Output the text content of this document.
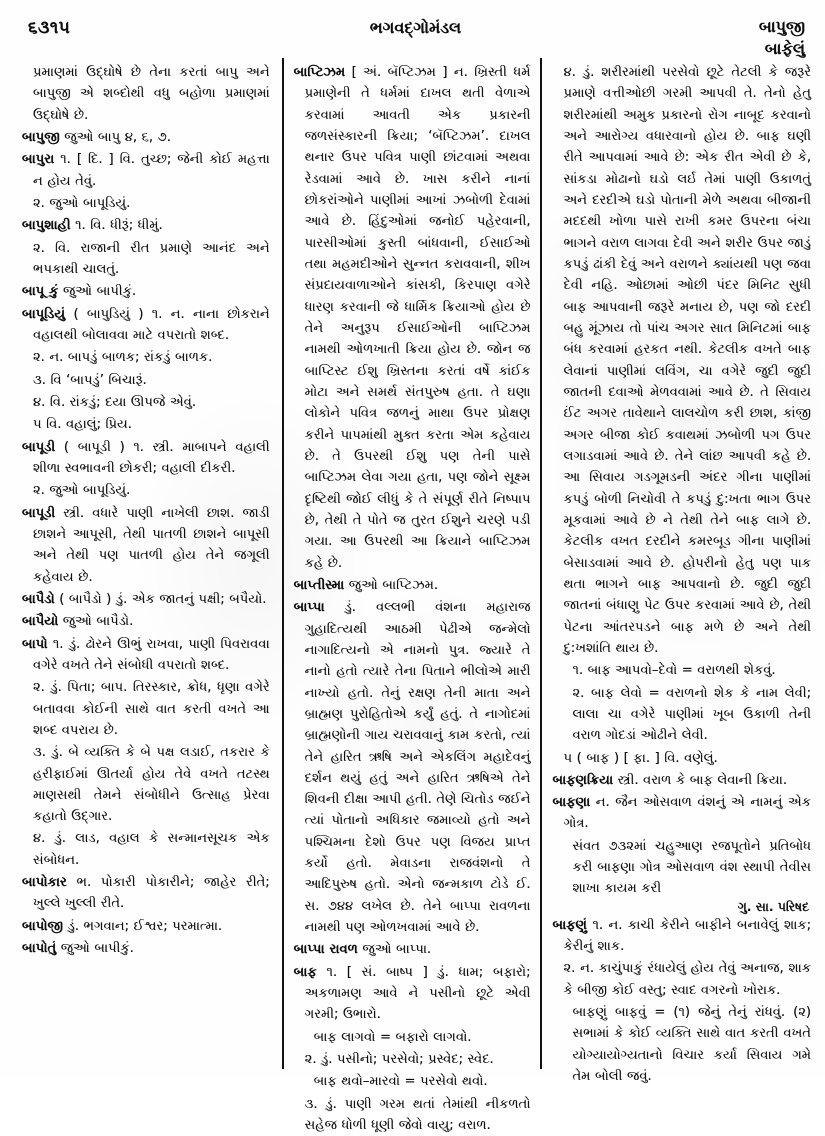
૬૩૧૫	ભગવદ્ગોમંડલ	બાપુજી
બાફેલું

પ્રમાણમાં ઉદ્‌ઘોષે છે તેના કરતાં બાપુ અને બાપુજી એ શબ્દોથી વધુ બહોળા પ્રમાણમાં ઉદ્‌ઘોષે છે.

બાપુજી જુઓ બાપુ ૪, ૬, ૭.

બાપુરા ૧. [ દિ. ] વિ. તુચ્છ; જેની કોઈ મહત્તા ન હોય તેવું.

૨. જુઓ બાપૂડિયું.

બાપુશાહી ૧. વિ. ધીરૂં; ધીમું.

૨. વિ. રાજાની રીત પ્રમાણે આનંદ અને ભપકાથી ચાલતું.

બાપૂ કું જુઓ બાપીકું.

બાપૂડિયું ( બાપુડિયું ) ૧. ન. નાના છોકરાને વહાલથી બોલાવવા માટે વપરાતો શબ્દ.

૨. ન. બાપડું બાળક; રાંકડું બાળક.

૩. વિ ‘બાપડું’ બિચારૂં.

૪. વિ. રાંકડું; દયા ઊપજે એવું.

૫ વિ. વહાલું; પ્રિય.

બાપૂડી ( બાપૂડી ) ૧. સ્ત્રી. માબાપને વહાલી શીળા સ્વભાવની છોકરી; વહાલી દીકરી.

૨. જુઓ બાપૂડિયું.

બાપૂડી સ્ત્રી. વધારે પાણી નાખેલી છાશ. જાડી છાશને આપૂસી, તેથી પાતળી છાશને બાપૂસી અને તેથી પણ પાતળી હોય તેને જગૂલી કહેવાય છે.

બાપૈડો ( બાપૈડો ) ડું. એક જાતનું પક્ષી; બપૈયો.

બાપૈયો જુઓ બાપૈડો.

બાપો ૧. ડું. ઢોરને ઊભું રાખવા, પાણી પિવરાવવા વગેરે વખતે તેને સંબોધી વપરાતો શબ્દ.

૨. ડું. પિતા; બાપ. તિરસ્કાર, ક્રોધ, ધૃણા વગેરે બતાવવા કોઈની સાથે વાત કરતી વખતે આ શબ્દ વપરાય છે.

૩. ડું. બે વ્યક્તિ કે બે પક્ષ લડાઈ, તકરાર કે હરીફાઈમાં ઊતર્યા હોય તેવે વખતે તટસ્થ માણસથી તેમને સંબોધીને ઉત્સાહ પ્રેરવા કહાતો ઉદ્‌ગાર.

૪. ડું. લાડ, વહાલ કે સન્માનસૂચક એક સંબોધન.

બાપોકાર ભ. પોકારી પોકારીને; જાહેર રીતે; ખુલ્લે ખુલ્લી રીતે.

બાપોજી ડું. ભગવાન; ઈશ્વર; પરમાત્મા.

બાપોતું જુઓ બાપીકું.

બાપ્ટિઝમ [ અં. બૅપ્ટિઝમ ] ન. ખ્રિસ્તી ધર્મ પ્રમાણેની તે ધર્મમાં દાખલ થતી વેળાએ કરવામાં આવતી એક પ્રકારની જળસંસ્કારની ક્રિયા; ‘બૅપ્ટિઝમ’. દાખલ થનાર ઉપર પવિત્ર પાણી છાંટવામાં અથવા રેડવામાં આવે છે. ખાસ કરીને નાનાં છોકરાંઓને પાણીમાં આખાં ઝબોળી દેવામાં આવે છે. હિંદુઓમાં જનોઈ પહેરવાની, પારસીઓમાં કુસ્તી બાંધવાની, ઈસાઈઓ તથા મહમદીઓને સુન્નત કરાવવાની, શીખ સંપ્રદાયવાળાઓને કાંસકી, કિરપાણ વગેરે ધારણ કરવાની જે ધાર્મિક ક્રિયાઓ હોય છે તેને અનુરૂપ ઈસાઈઓની બાપ્ટિઝમ નામથી ઓળખાતી ક્રિયા હોય છે. જોન જ બાપ્ટિસ્ટ ઈશુ ખ્રિસ્તના કરતાં વર્ષે કાંઈક મોટા અને સમર્થ સંતપુરુષ હતા. તે ઘણા લોકોને પવિત્ર જળનું માથા ઉપર પ્રોક્ષણ કરીને પાપમાંથી મુક્ત કરતા એમ કહેવાય છે. તે ઉપરથી ઈશુ પણ તેની પાસે બાપ્ટિઝમ લેવા ગયા હતા, પણ જોને સૂક્ષ્મ દૃષ્ટિથી જોઈ લીધું કે તે સંપૂર્ણ રીતે નિષ્પાપ છે, તેથી તે પોતે જ તુરત ઈશુને ચરણે પડી ગયા. આ ઉપરથી આ ક્રિયાને બાપ્ટિઝમ કહે છે.

બાપ્તીસ્મા જુઓ બાપ્ટિઝમ.

બાપ્પા ડું. વલ્લભી વંશના મહારાજ ગુહાદિત્યથી આઠમી પેઢીએ જન્મેલો નાગાદિત્યનો એ નામનો પુત્ર. જ્યારે તે નાનો હતો ત્યારે તેના પિતાને ભીલોએ મારી નાખ્યો હતો. તેનું રક્ષણ તેની માતા અને બ્રાહ્મણ પુરોહિતોએ કર્યું હતું. તે નાગોદમાં બ્રાહ્મણોની ગાય ચરાવવાનું કામ કરતો, ત્યાં તેને હારિત ઋષિ અને એકલિંગ મહાદેવનું દર્શન થયું હતું અને હારિત ઋષિએ તેને શિવની દીક્ષા આપી હતી. તેણે ચિતોડ જઈને ત્યાં પોતાનો અધિકાર જમાવ્યો હતો અને પશ્ચિમના દેશો ઉપર પણ વિજય પ્રાપ્ત કર્યો હતો. મેવાડના રાજવંશનો તે આદિપુરુષ હતો. એનો જન્મકાળ ટોડે ઈ. સ. ૭૪૪ લખેલ છે. તેને બાપ્પા રાવળના નામથી પણ ઓળખવામાં આવે છે.

બાપ્પા રાવળ જુઓ બાપ્પા.

બાફ ૧. [ સં. બાષ્પ ] ડું. ધામ; બફારો; અકળામણ આવે ને પસીનો છૂટે એવી ગરમી; ઉભારો.

બાફ લાગવો = બફારો લાગવો.

૨. ડું. પસીનો; પરસેવો; પ્રસ્વેદ; સ્વેદ.

બાફ થવો–મારવો = પરસેવો થવો.

૩. ડું. પાણી ગરમ થતાં તેમાંથી નીકળતો સહેજ ધોળી ધૂણી જેવો વાયુ; વરાળ.

૪. ડું. શરીરમાંથી પરસેવો છૂટે તેટલી કે જરૂરે પ્રમાણે વત્તીઓછી ગરમી આપવી તે. તેનો હેતુ શરીરમાંથી અમુક પ્રકારનો રોગ નાબૂદ કરવાનો અને આરોગ્ય વધારવાનો હોય છે. બાફ ઘણી રીતે આપવામાં આવે છે: એક રીત એવી છે કે, સાંકડા મોઢાનો ઘડો લર્ઇ તેમાં પાણી ઉકાળતું અને દરદીએ ઘડો પોતાની મેળે અથવા બીજાની મદદથી ખોળા પાસે રાખી કમર ઉપરના બંચા ભાગને વરાળ લાગવા દેવી અને શરીર ઉપર જાડું કપડું ઢાંકી દેવું અને વરાળને ક્યાંયથી પણ જવા દેવી નહિ. ઓછામાં ઓછી પંદર મિનિટ સુધી બાફ આપવાની જરૂરે મનાય છે, પણ જો દરદી બહુ મૂંઝાય તો પાંચ અગર સાત મિનિટમાં બાફ બંધ કરવામાં હરકત નથી. કેટલીક વખતે બાફ લેવાનાં પાણીમાં લવિંગ, ચા વગેરે જુદી જુદી જાતની દવાઓ મેળવવામાં આવે છે. તે સિવાય ઈંટ અગર તાવેથાને લાલચોળ કરી છાશ, કાંજી અગર બીજા કોઈ કવાથમાં ઝબોળી પગ ઉપર લગાડવામાં આવે છે. તેને લાંછ આપવી કહે છે. આ સિવાય ગડગૂમડની અંદર ગીના પાણીમાં કપડું બોળી નિચોવી તે કપડું દુ:ખતા ભાગ ઉપર મૂકવામાં આવે છે ને તેથી તેને બાફ લાગે છે. કેટલીક વખત દરદીને કમરબૂડ ગીના પાણીમાં બેસાડવામાં આવે છે. હોપરીનો હેતુ પણ પાક થતા ભાગને બાફ આપવાનો છે. જુદી જુદી જાતનાં બંધાણુ પેટ ઉપર કરવામાં આવે છે, તેથી પેટના આંતરપડને બાફ મળે છે અને તેથી દુ:ખશાંતિ થાય છે.

૧. બાફ આપવો–દેવો = વરાળથી શેકવું.

૨. બાફ લેવો = વરાળનો શેક કે નામ લેવી; લાલા ચા વગેરે પાણીમાં ખૂબ ઉકાળી તેની વરાળ ગોદડાં ઓઢીને લેવી.

૫ ( બાફ ) [ ફા. ] વિ. વણેલું.

બાફણક્રિયા સ્ત્રી. વરાળ કે બાફ લેવાની ક્રિયા.

બાફણા ન. જૈન ઓસવાળ વંશનું એ નામનું એક ગોત્ર.

સંવત ૭૩૨માં ચહુઆણ રજપૂતોને પ્રતિબોધ કરી બાફણા ગોત્ર ઓસવાળ વંશ સ્થાપી તેવીસ શાખા કાયમ કરી

ગુ. સા. પરિષદ

બાફણું ૧. ન. કાચી કેરીને બાફીને બનાવેલું શાક; કેરીનું શાક.

૨. ન. કાચુંપાકું રંધાયેલું હોય તેવું અનાજ, શાક કે બીજી કોઈ વસ્તુ; સ્વાદ વગરનો ખોરાક.

બાફણું બાફવું = (૧) જેનું તેનું રાંધવું. (૨) સભામાં કે કોઈ વ્યક્તિ સાથે વાત કરતી વખતે યોગ્યાયોગ્યતાનો વિચાર કર્યા સિવાય ગમે તેમ બોલી જવું.
